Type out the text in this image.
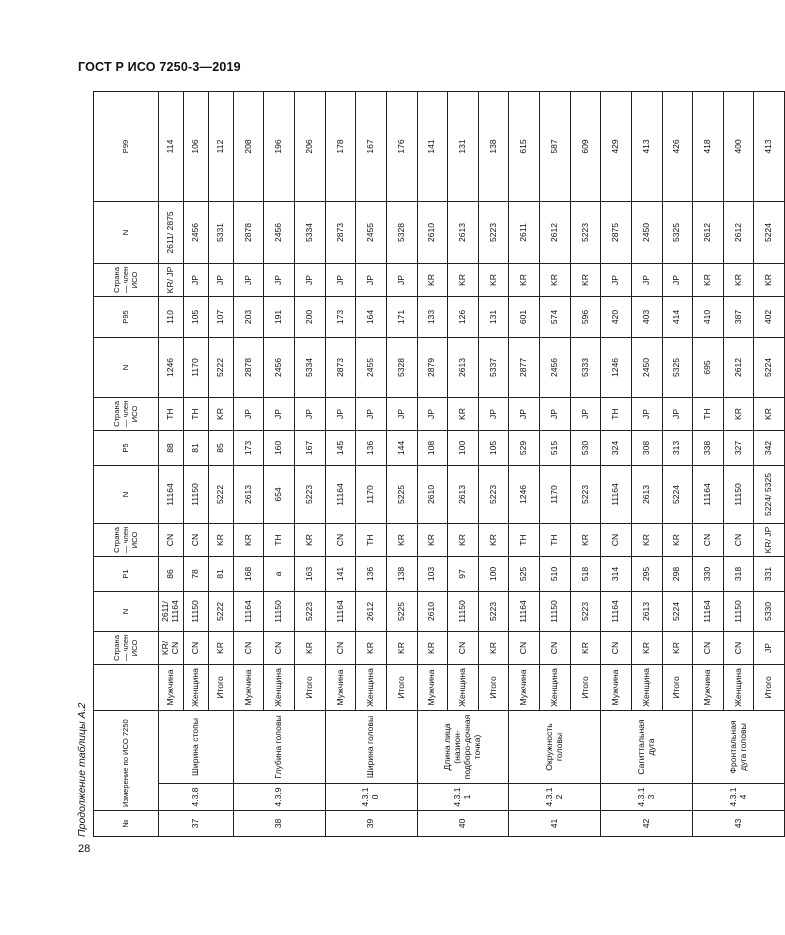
ГОСТ Р ИСО 7250-3—2019
Продолжение таблицы А.2	№	Измерение по ИСО 7250			Страна — член ИСО	N	P1	Страна — член ИСО	N	P5	Страна — член ИСО	N	P95	Страна — член ИСО	N	P99	
37	4.3.8	Ширина стопы	Мужчина	KR/ CN	2611/ 11164	86	CN	11164	88	TH	1246	110	KR/ JP	2611/ 2875	114	
			Женщина	CN	11150	78	CN	11150	81	TH	1170	105	JP	2456	106	
			Итого	KR	5222	81	KR	5222	85	KR	5222	107	JP	5331	112	
38	4.3.9	Глубина головы	Мужчина	CN	11164	168	KR	2613	173	JP	2878	203	JP	2878	208	
			Женщина	CN	11150	a	TH	654	160	JP	2456	191	JP	2456	196	
			Итого	KR	5223	163	KR	5223	167	JP	5334	200	JP	5334	206	
39	4.3.10	Ширина головы	Мужчина	CN	11164	141	CN	11164	145	JP	2873	173	JP	2873	178	
			Женщина	KR	2612	136	TH	1170	136	JP	2455	164	JP	2455	167	
			Итого	KR	5225	138	KR	5225	144	JP	5328	171	JP	5328	176	
40	4.3.11	Длина лица (назион-подборо-дочная точка)	Мужчина	KR	2610	103	KR	2610	108	JP	2879	133	KR	2610	141	
			Женщина	CN	11150	97	KR	2613	100	KR	2613	126	KR	2613	131	
			Итого	KR	5223	100	KR	5223	105	JP	5337	131	KR	5223	138	
41	4.3.12	Окружность головы	Мужчина	CN	11164	525	TH	1246	529	JP	2877	601	KR	2611	615	
			Женщина	CN	11150	510	TH	1170	515	JP	2456	574	KR	2612	587	
			Итого	KR	5223	518	KR	5223	530	JP	5333	596	KR	5223	609	
42	4.3.13	Сагиттальная дуга	Мужчина	CN	11164	314	CN	11164	324	TH	1246	420	JP	2875	429	
			Женщина	KR	2613	295	KR	2613	308	JP	2450	403	JP	2450	413	
			Итого	KR	5224	298	KR	5224	313	JP	5325	414	JP	5325	426	
43	4.3.14	Фронтальная дуга головы	Мужчина	CN	11164	330	CN	11164	338	TH	695	410	KR	2612	418	
			Женщина	CN	11150	318	CN	11150	327	KR	2612	387	KR	2612	400	
			Итого	JP	5330	331	KR/ JP	5224/ 5325	342	KR	5224	402	KR	5224	413	
28
